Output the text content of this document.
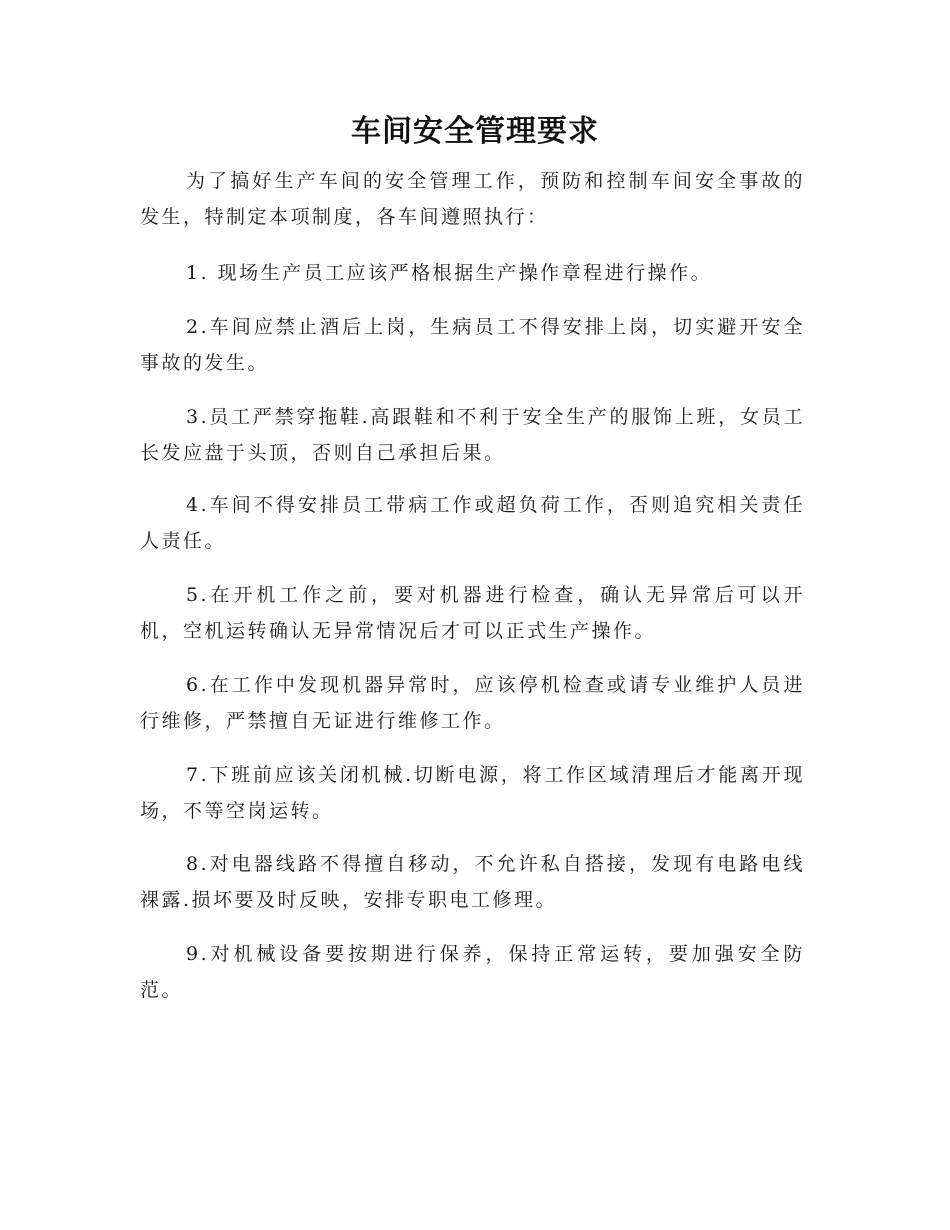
车间安全管理要求

为了搞好生产车间的安全管理工作，预防和控制车间安全事故的发生，特制定本项制度，各车间遵照执行：

1. 现场生产员工应该严格根据生产操作章程进行操作。

2.车间应禁止酒后上岗，生病员工不得安排上岗，切实避开安全事故的发生。

3.员工严禁穿拖鞋.高跟鞋和不利于安全生产的服饰上班，女员工长发应盘于头顶，否则自己承担后果。

4.车间不得安排员工带病工作或超负荷工作，否则追究相关责任人责任。

5.在开机工作之前，要对机器进行检查，确认无异常后可以开机，空机运转确认无异常情况后才可以正式生产操作。

6.在工作中发现机器异常时，应该停机检查或请专业维护人员进行维修，严禁擅自无证进行维修工作。

7.下班前应该关闭机械.切断电源，将工作区域清理后才能离开现场，不等空岗运转。

8.对电器线路不得擅自移动，不允许私自搭接，发现有电路电线裸露.损坏要及时反映，安排专职电工修理。

9.对机械设备要按期进行保养，保持正常运转，要加强安全防范。
